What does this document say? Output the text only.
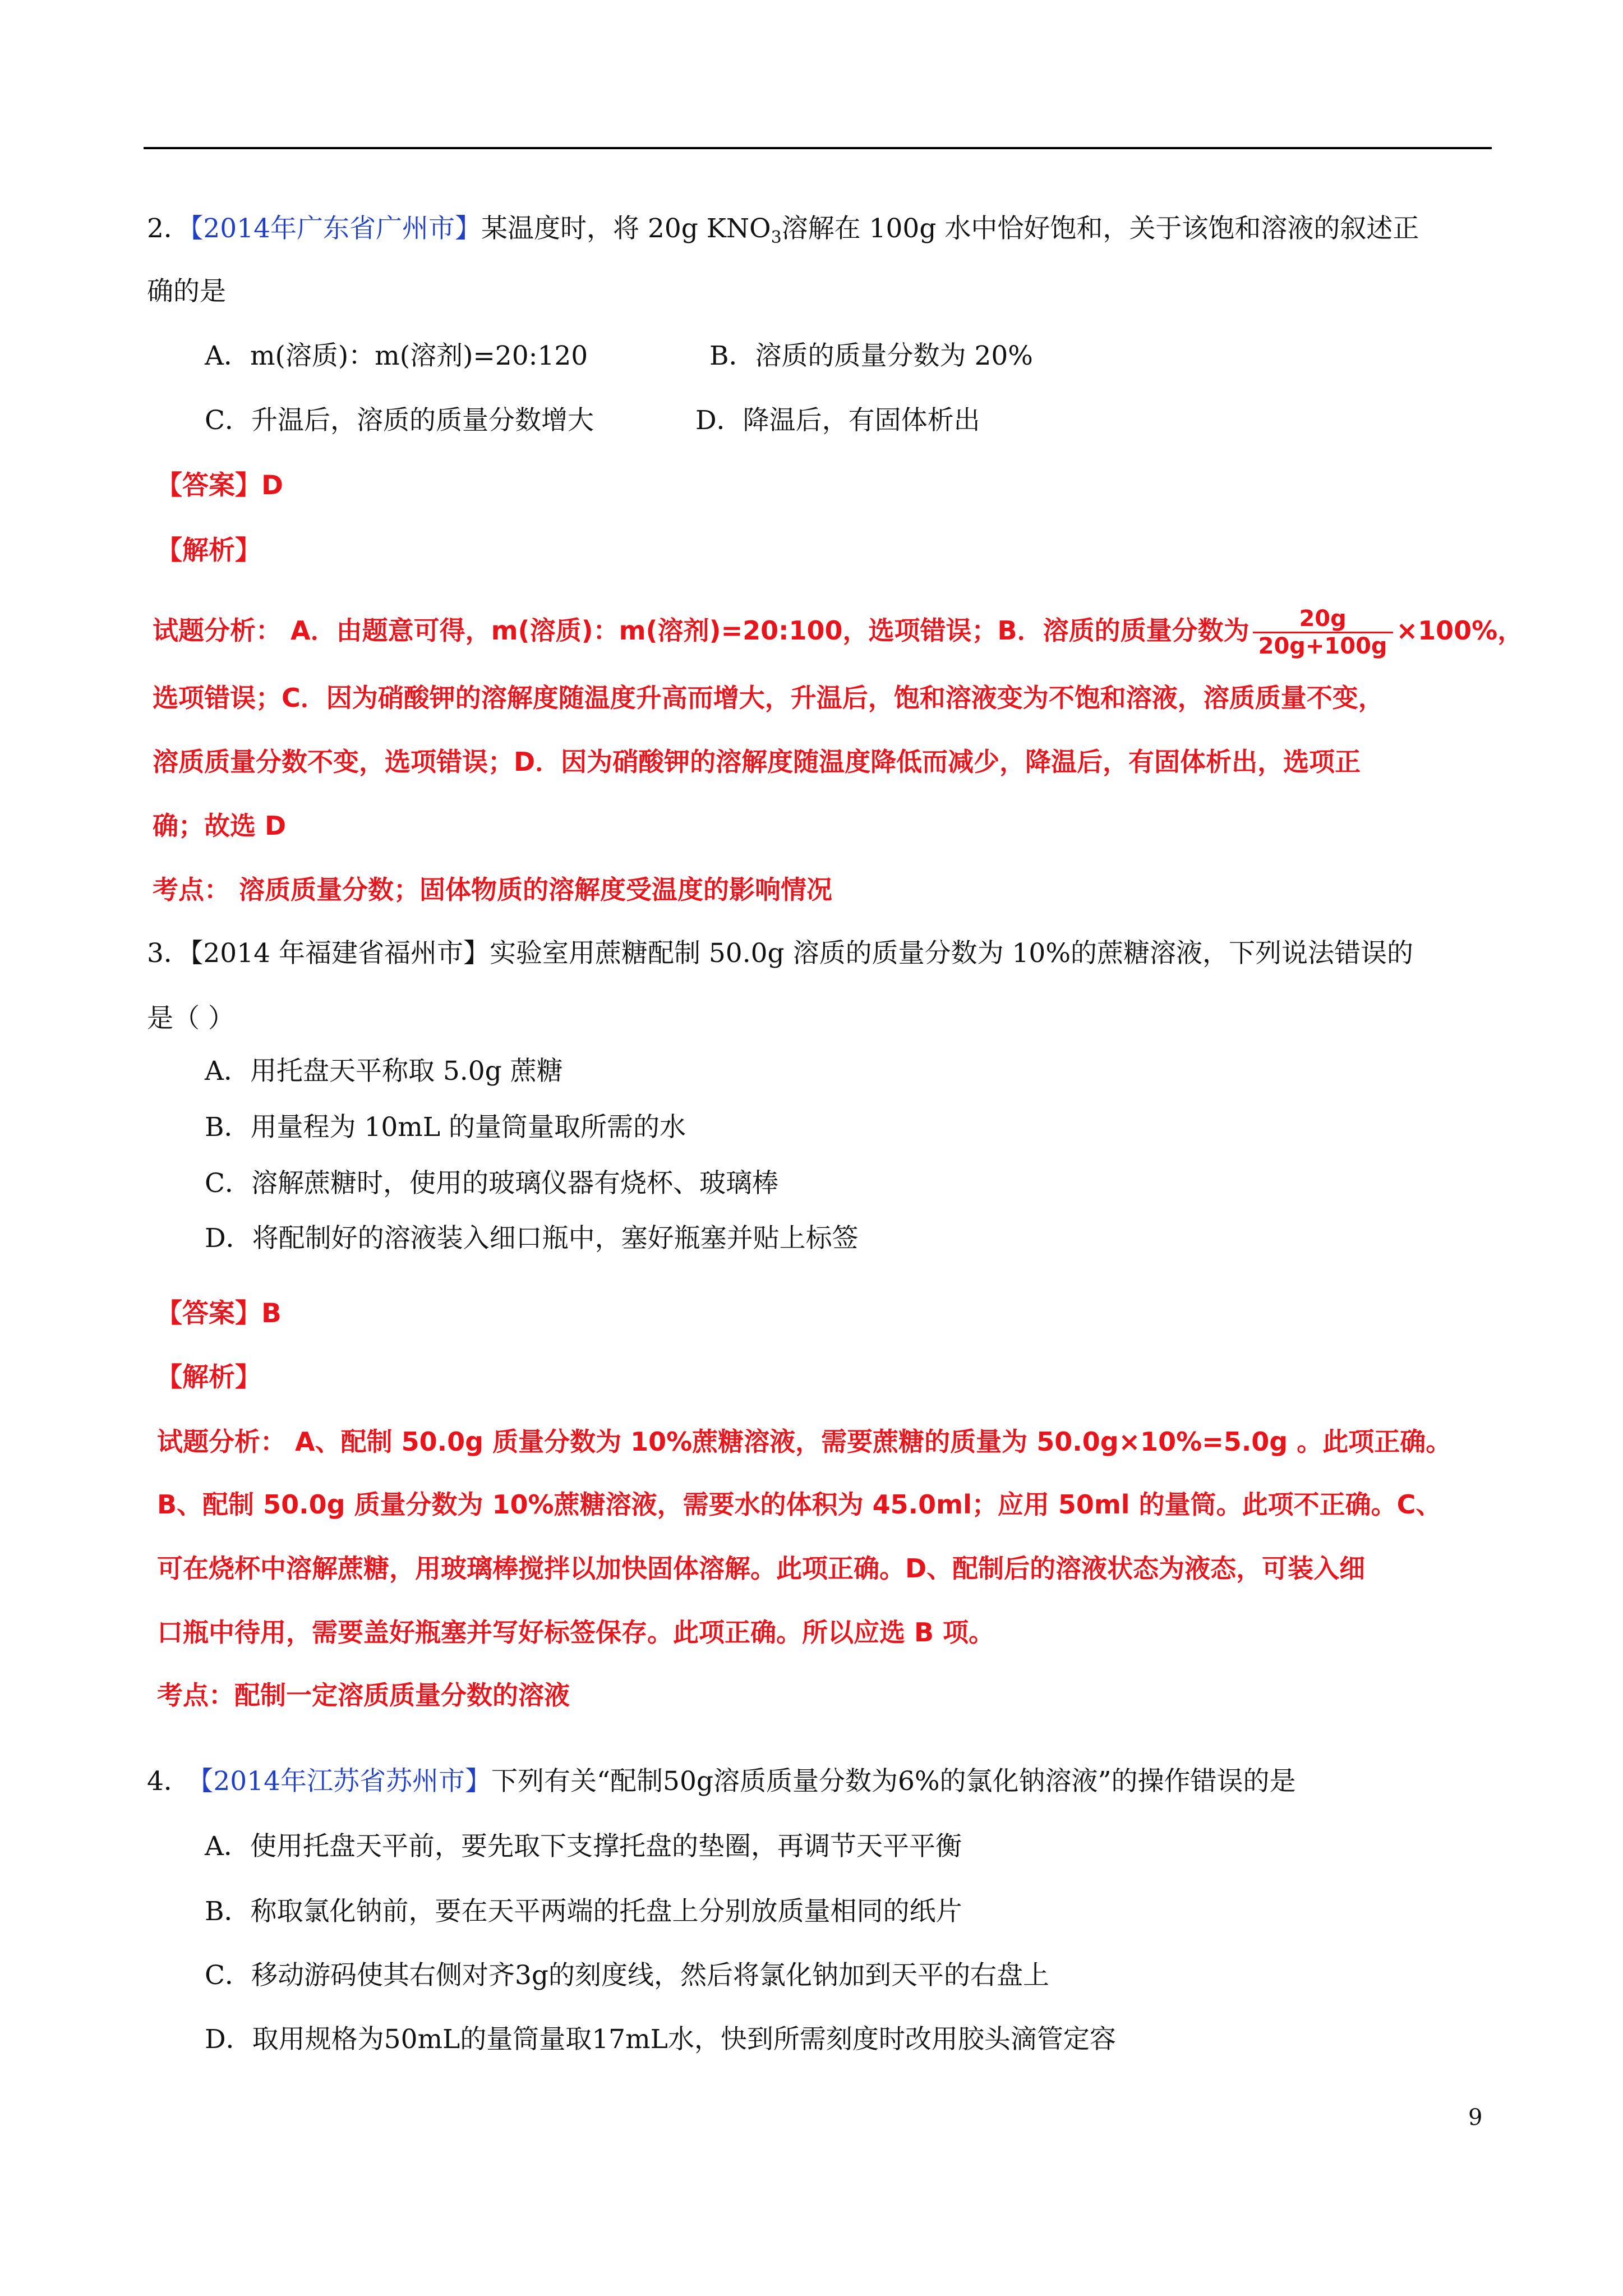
2．【2014年广东省广州市】某温度时，将 20g $KNO_3$溶解在 100g 水中恰好饱和，关于该饱和溶液的叙述正
确的是
A．m(溶质)：m(溶剂)=20:120	B．溶质的质量分数为 20%
C．升温后，溶质的质量分数增大	D．降温后，有固体析出
【答案】D
【解析】
试题分析： A．由题意可得，m(溶质)：m(溶剂)=20:100，选项错误；B．溶质的质量分数为 $\frac{20g}{20g+100g} \times 100\%$，
选项错误；C．因为硝酸钾的溶解度随温度升高而增大，升温后，饱和溶液变为不饱和溶液，溶质质量不变，
溶质质量分数不变，选项错误；D．因为硝酸钾的溶解度随温度降低而减少，降温后，有固体析出，选项正
确；故选 D
考点： 溶质质量分数；固体物质的溶解度受温度的影响情况
3．【2014 年福建省福州市】实验室用蔗糖配制 50.0g 溶质的质量分数为 10%的蔗糖溶液，下列说法错误的
是（ ）
A．用托盘天平称取 5.0g 蔗糖
B．用量程为 10mL 的量筒量取所需的水
C．溶解蔗糖时，使用的玻璃仪器有烧杯、玻璃棒
D．将配制好的溶液装入细口瓶中，塞好瓶塞并贴上标签
【答案】B
【解析】
试题分析： A、配制 50.0g 质量分数为 10%蔗糖溶液，需要蔗糖的质量为 50.0g×10%=5.0g 。此项正确。
B、配制 50.0g 质量分数为 10%蔗糖溶液，需要水的体积为 45.0ml；应用 50ml 的量筒。此项不正确。C、
可在烧杯中溶解蔗糖，用玻璃棒搅拌以加快固体溶解。此项正确。D、配制后的溶液状态为液态，可装入细
口瓶中待用，需要盖好瓶塞并写好标签保存。此项正确。所以应选 B 项。
考点：配制一定溶质质量分数的溶液
4． 【2014年江苏省苏州市】下列有关“配制50g溶质质量分数为6%的氯化钠溶液”的操作错误的是
A．使用托盘天平前，要先取下支撑托盘的垫圈，再调节天平平衡
B．称取氯化钠前，要在天平两端的托盘上分别放质量相同的纸片
C．移动游码使其右侧对齐3g的刻度线，然后将氯化钠加到天平的右盘上
D．取用规格为50mL的量筒量取17mL水，快到所需刻度时改用胶头滴管定容
9
